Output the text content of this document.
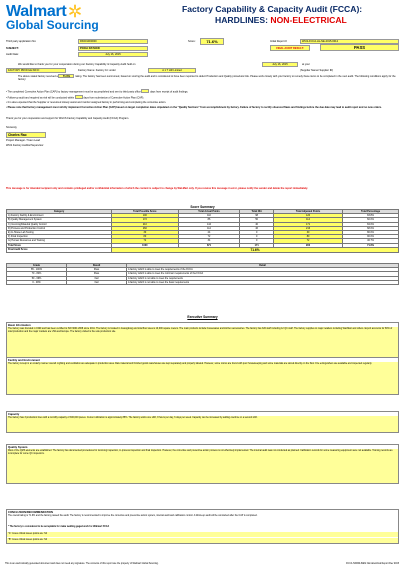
Walmart
Global Sourcing
Factory Capability & Capacity Audit (FCCA):
HARDLINES: NON-ELECTRICAL
Third party application No:	RK001000000	Score:	71.6%	Initial Report #	WGS-FCCA-HL-NE-2015-0012
SUBJECT:	POOLI RATHOD	FINAL AUDIT RESULT:	PASS
Audit Date:	July 16, 2015
We would like to thank you for your cooperation during our Factory Capability & Capacity Audit held on	July 16, 2015	at your
FACTORY PROFILE INFO:	Factory Name: Factory 1C under	A 1 T HR Limited	(Supplier Name/ Supplier ID)
The above stated factory received a 71.6% rating. The factory has been summoned, based on scoring the audit and is considered to have been reported to defect Production and Quality procedural risk. Please work closely with your factory to remedy these items to be completed in the next audit. The following conditions apply for the factory:
• The completed Corrective Action Plan (CAP) by factory management must be accomplished and sent to third party office	days from receipt of audit findings.
• Follow-up audit and required as risk will be conducted within	days from submission of Corrective Action Plan (CAP).
• It is also expected that the Supplier or resourced closely assist and monitor assigned factory in performing and completing the corrective action.
• Please note that factory management must strictly implement Corrective Action Plan (CAP) based on target completion dates stipulated on the "Quality Sections" from accomplishment by factory. Failure of factory to rectify observed flaws and findings before the due date may lead to audit reject and no new orders.
Thank you for your cooperation and support for WGCS Factory Capability and Capacity Audit (FCCA) Program.
Sincerely,
Charles Rao
Project Manager / Team Lead
WGS Factory Auditor/Supervisor
This message is for intended recipient only and contains privileged and/or confidential information of which the content is subject to change by Wal-Mart only. If you receive this message in error, please notify the sender and delete the report immediately.
Score Summary
Category	Total Possible Score	Total Actual Points	Total N/A	Total Adjusted Points	Total Percentage
A) Factory Facility & Environment	100	110	98	120	83.8%
B) Quality Management System	172	86	50	114	60.0%
C) Incoming/Material Quality Control	210	144	40	171	84.0%
D) Process and Production Control	260	114	46	216	68.0%
E) In-House Lab Testing	30	24	0	30	80.0%
F) Final Inspection	80	72	0	80	90.0%
G) Human Resources and Training	72	34	0	72	46.7%
Total Score	1000	671	171	900	71.6%
Final Audit Score	71.6%				
Grade	Result	Detail
85 - 100%	Pass	A factory which is able to meet the requirements of the FCCA
70 - 84%	Pass	A factory which is able to meet the minimum requirements of the FCCA
50 - 69%	Fail	A factory which is not able to meet the requirements
0 - 49%	Fail	A factory which is not able to meet the basic requirements
Executive Summary
Basic Information
The factory was founded in 1990 and has been certified to ISO 9001:2008 since 2011. The factory is located in Guangdong and total floor area is 10,000 square meters. The main products include housewares and kitchen accessories. The factory has 320 staff including 12 QC staff. The factory supplies to major retailers including Wal-Mart and others. Export accounts for 80% of total production and the major markets are USA and Europe. The factory visited is the sole production site.
Facility and Environment
The factory is kept in an orderly manner overall. Lighting and ventilation are adequate in production area. Raw material and finished goods warehouses are kept separately and properly labeled. However, some rooms are found with poor housekeeping and some materials are stored directly on the floor. Fire extinguishers are available and inspected regularly.
Capacity
The factory has 3 production lines with a monthly capacity of 300,000 pieces. Current utilization is approximately 85%. The factory works one shift, 8 hours per day, 6 days per week. Capacity can be increased by adding overtime or a second shift.
Quality System
Most of the QMS elements are established. The factory has documented procedures for incoming inspection, in-process inspection and final inspection. However, the corrective and preventive action process is not effectively implemented. The internal audit was not conducted as planned. Calibration records for some measuring equipment were not available. Training records are incomplete for some QC inspectors.
CONCLUSION/RECOMMENDATION
The overall rating is 71.6% and the factory passed the audit. The factory is recommended to improve the corrective and preventive action system, internal audit and calibration control. A follow-up audit will be conducted after the CAP is completed.
* The factory is considered to be acceptable for make welding gaged work for Walmart FCCA
"A" zones critical issues points are: Nil
"B" zones critical issues points are: Nil
This is an electronically generated document and does not need any signature. The contents of this report are the property of Walmart Global Sourcing.	FCCA HARDLINES Non-Electrical Report Rev 2015
